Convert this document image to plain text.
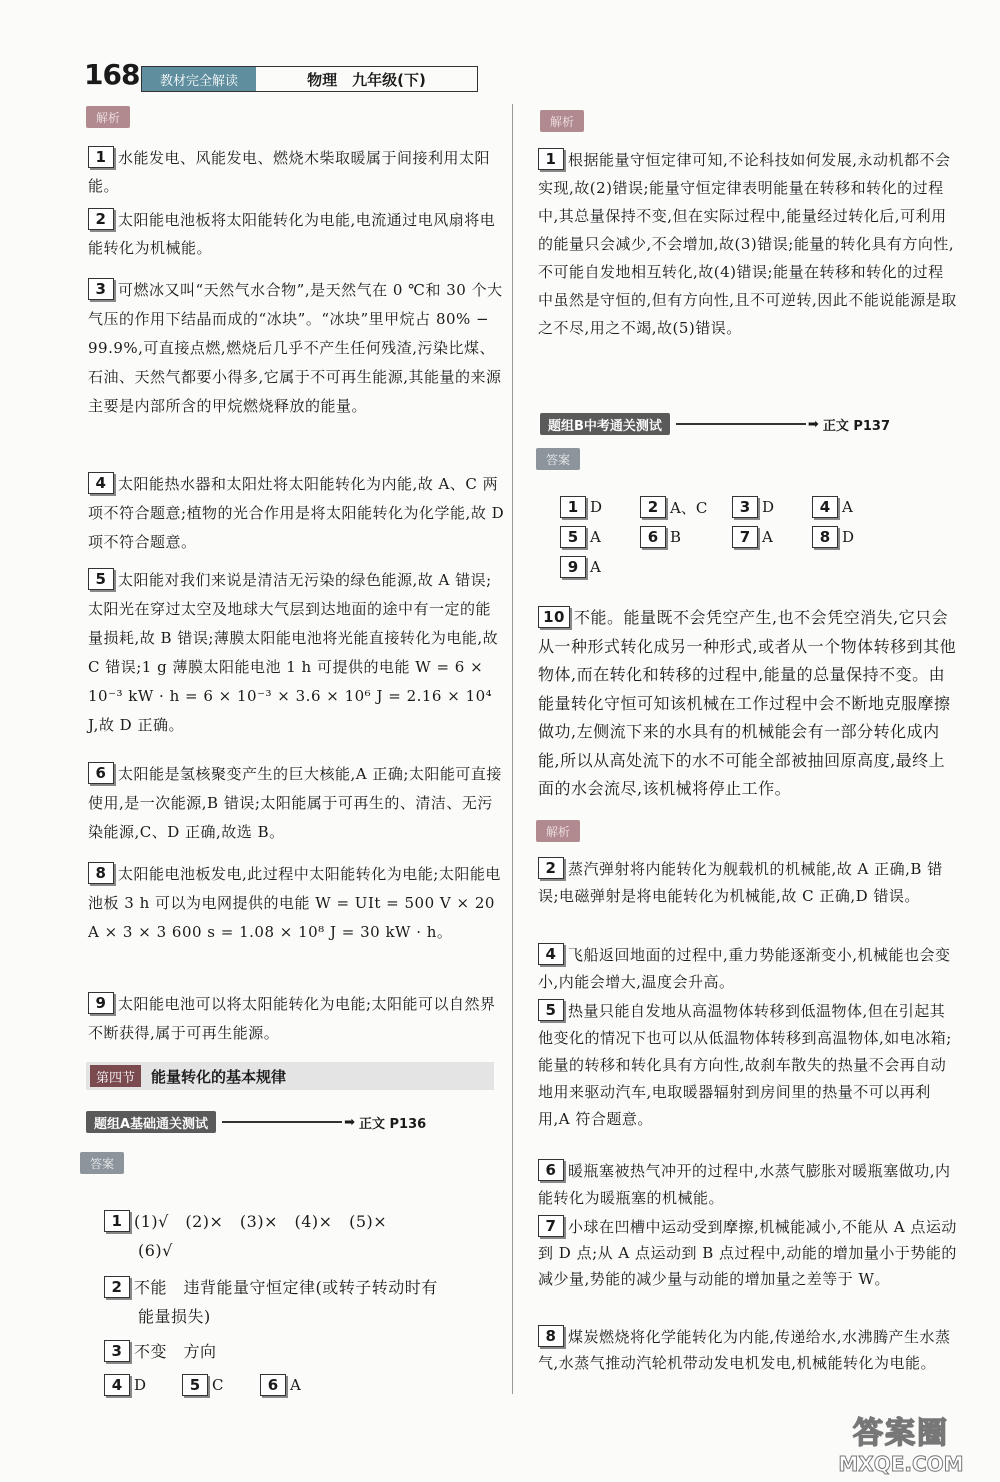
168	教材完全解读	物理　九年级(下)
解析
1 水能发电、风能发电、燃烧木柴取暖属于间接利用太阳能。
2 太阳能电池板将太阳能转化为电能,电流通过电风扇将电能转化为机械能。
3 可燃冰又叫“天然气水合物”,是天然气在 0 ℃和 30 个大气压的作用下结晶而成的“冰块”。“冰块”里甲烷占 80% − 99.9%,可直接点燃,燃烧后几乎不产生任何残渣,污染比煤、石油、天然气都要小得多,它属于不可再生能源,其能量的来源主要是内部所含的甲烷燃烧释放的能量。
4 太阳能热水器和太阳灶将太阳能转化为内能,故 A、C 两项不符合题意;植物的光合作用是将太阳能转化为化学能,故 D 项不符合题意。
5 太阳能对我们来说是清洁无污染的绿色能源,故 A 错误;太阳光在穿过太空及地球大气层到达地面的途中有一定的能量损耗,故 B 错误;薄膜太阳能电池将光能直接转化为电能,故 C 错误;1 g 薄膜太阳能电池 1 h 可提供的电能 W = 6 × 10⁻³ kW · h = 6 × 10⁻³ × 3.6 × 10⁶ J = 2.16 × 10⁴ J,故 D 正确。
6 太阳能是氢核聚变产生的巨大核能,A 正确;太阳能可直接使用,是一次能源,B 错误;太阳能属于可再生的、清洁、无污染能源,C、D 正确,故选 B。
8 太阳能电池板发电,此过程中太阳能转化为电能;太阳能电池板 3 h 可以为电网提供的电能 W = UIt = 500 V × 20 A × 3 × 3 600 s = 1.08 × 10⁸ J = 30 kW · h。
9 太阳能电池可以将太阳能转化为电能;太阳能可以自然界不断获得,属于可再生能源。
第四节	能量转化的基本规律
题组A基础通关测试	➡ 正文 P136
答案
1 (1)√　(2)×　(3)×　(4)×　(5)×
(6)√
2 不能　违背能量守恒定律(或转子转动时有
能量损失)
3 不变　方向
4 D	5 C	6 A
解析
1 根据能量守恒定律可知,不论科技如何发展,永动机都不会实现,故(2)错误;能量守恒定律表明能量在转移和转化的过程中,其总量保持不变,但在实际过程中,能量经过转化后,可利用的能量只会减少,不会增加,故(3)错误;能量的转化具有方向性,不可能自发地相互转化,故(4)错误;能量在转移和转化的过程中虽然是守恒的,但有方向性,且不可逆转,因此不能说能源是取之不尽,用之不竭,故(5)错误。
题组B中考通关测试	➡ 正文 P137
答案
1 D	2 A、C	3 D	4 A
5 A	6 B	7 A	8 D
9 A
10 不能。能量既不会凭空产生,也不会凭空消失,它只会从一种形式转化成另一种形式,或者从一个物体转移到其他物体,而在转化和转移的过程中,能量的总量保持不变。由能量转化守恒可知该机械在工作过程中会不断地克服摩擦做功,左侧流下来的水具有的机械能会有一部分转化成内能,所以从高处流下的水不可能全部被抽回原高度,最终上面的水会流尽,该机械将停止工作。
解析
2 蒸汽弹射将内能转化为舰载机的机械能,故 A 正确,B 错误;电磁弹射是将电能转化为机械能,故 C 正确,D 错误。
4 飞船返回地面的过程中,重力势能逐渐变小,机械能也会变小,内能会增大,温度会升高。
5 热量只能自发地从高温物体转移到低温物体,但在引起其他变化的情况下也可以从低温物体转移到高温物体,如电冰箱;能量的转移和转化具有方向性,故刹车散失的热量不会再自动地用来驱动汽车,电取暖器辐射到房间里的热量不可以再利用,A 符合题意。
6 暖瓶塞被热气冲开的过程中,水蒸气膨胀对暖瓶塞做功,内能转化为暖瓶塞的机械能。
7 小球在凹槽中运动受到摩擦,机械能减小,不能从 A 点运动到 D 点;从 A 点运动到 B 点过程中,动能的增加量小于势能的减少量,势能的减少量与动能的增加量之差等于 W。
8 煤炭燃烧将化学能转化为内能,传递给水,水沸腾产生水蒸气,水蒸气推动汽轮机带动发电机发电,机械能转化为电能。
答案圈
MXQE.COM
